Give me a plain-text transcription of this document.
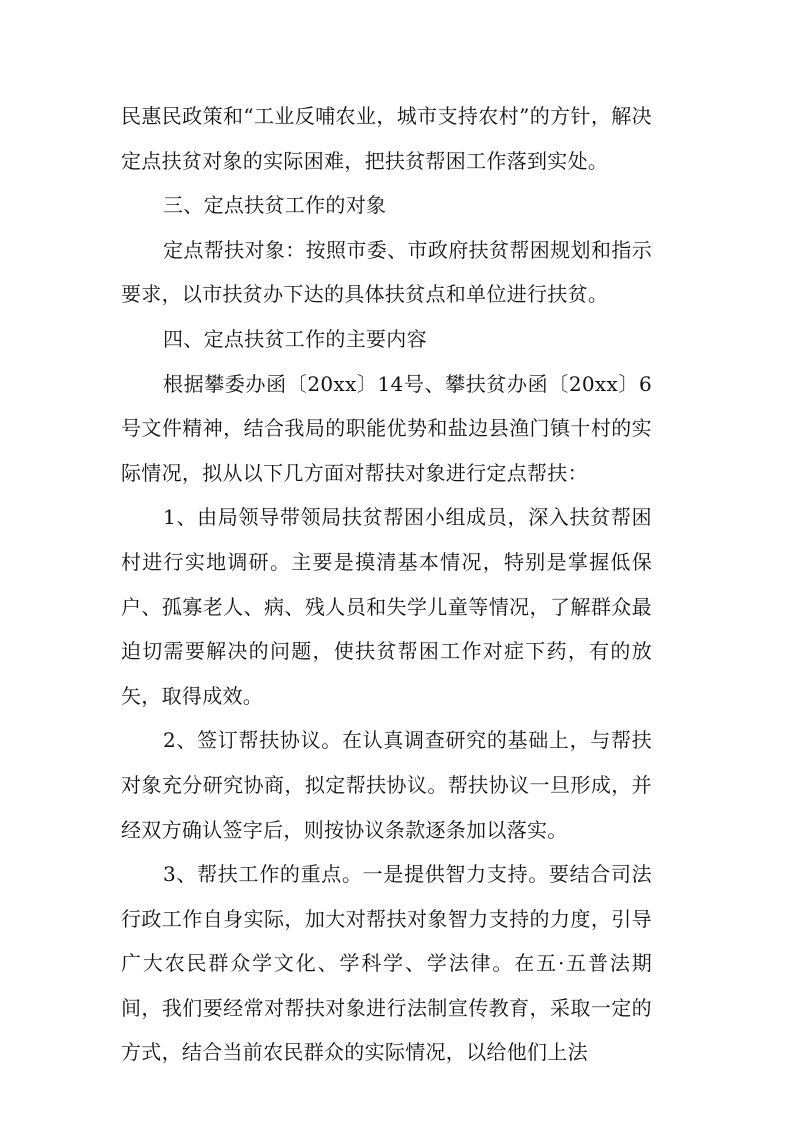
民惠民政策和“工业反哺农业，城市支持农村”的方针，解决定点扶贫对象的实际困难，把扶贫帮困工作落到实处。

三、定点扶贫工作的对象

定点帮扶对象：按照市委、市政府扶贫帮困规划和指示要求，以市扶贫办下达的具体扶贫点和单位进行扶贫。

四、定点扶贫工作的主要内容

根据攀委办函〔20xx〕14号、攀扶贫办函〔20xx〕6号文件精神，结合我局的职能优势和盐边县渔门镇十村的实际情况，拟从以下几方面对帮扶对象进行定点帮扶：

1、由局领导带领局扶贫帮困小组成员，深入扶贫帮困村进行实地调研。主要是摸清基本情况，特别是掌握低保户、孤寡老人、病、残人员和失学儿童等情况，了解群众最迫切需要解决的问题，使扶贫帮困工作对症下药，有的放矢，取得成效。

2、签订帮扶协议。在认真调查研究的基础上，与帮扶对象充分研究协商，拟定帮扶协议。帮扶协议一旦形成，并经双方确认签字后，则按协议条款逐条加以落实。

3、帮扶工作的重点。一是提供智力支持。要结合司法行政工作自身实际，加大对帮扶对象智力支持的力度，引导广大农民群众学文化、学科学、学法律。在五·五普法期间，我们要经常对帮扶对象进行法制宣传教育，采取一定的方式，结合当前农民群众的实际情况，以给他们上法
